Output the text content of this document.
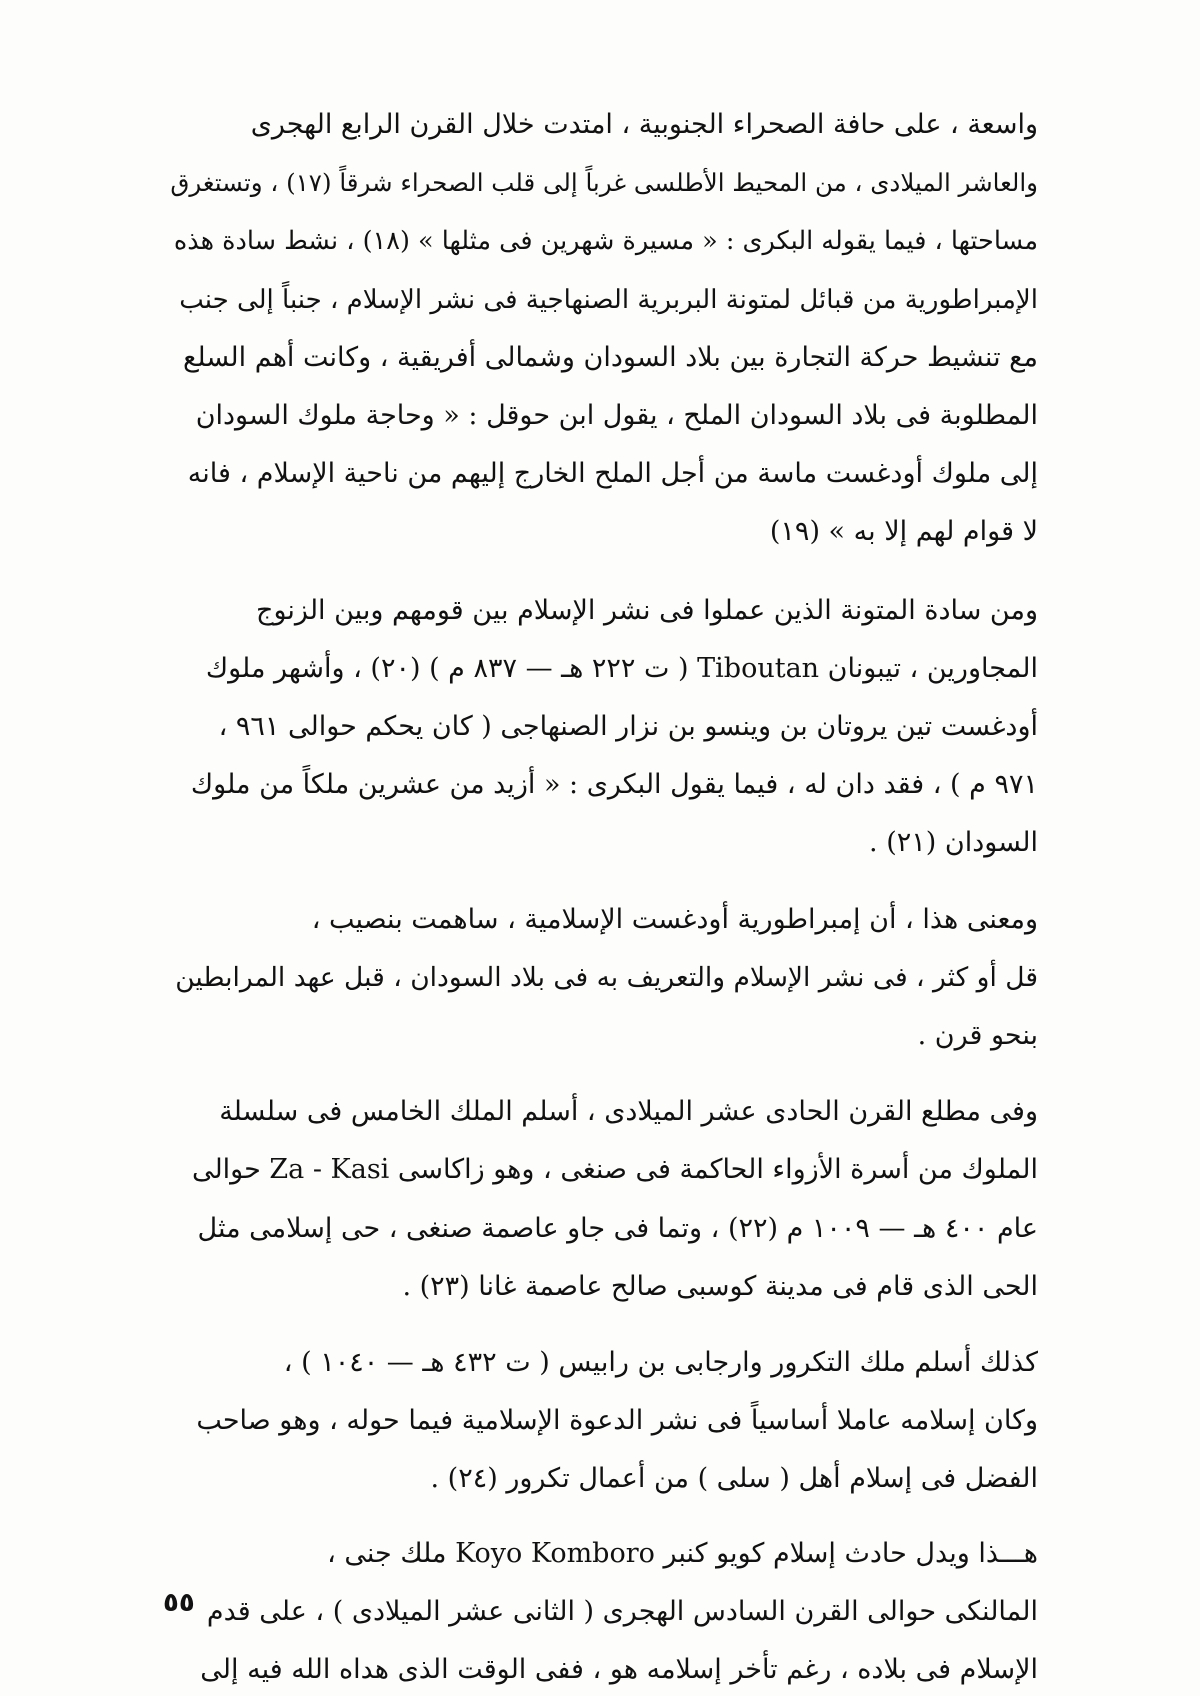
واسعة ، على حافة الصحراء الجنوبية ، امتدت خلال القرن الرابع الهجرى
والعاشر الميلادى ، من المحيط الأطلسى غرباً إلى قلب الصحراء شرقاً (١٧) ، وتستغرق
مساحتها ، فيما يقوله البكرى : « مسيرة شهرين فى مثلها » (١٨) ، نشط سادة هذه
الإمبراطورية من قبائل لمتونة البربرية الصنهاجية فى نشر الإسلام ، جنباً إلى جنب
مع تنشيط حركة التجارة بين بلاد السودان وشمالى أفريقية ، وكانت أهم السلع
المطلوبة فى بلاد السودان الملح ، يقول ابن حوقل : « وحاجة ملوك السودان
إلى ملوك أودغست ماسة من أجل الملح الخارج إليهم من ناحية الإسلام ، فانه
لا قوام لهم إلا به » (١٩)

ومن سادة المتونة الذين عملوا فى نشر الإسلام بين قومهم وبين الزنوج
المجاورين ، تيبونان Tiboutan ( ت ٢٢٢ هـ — ٨٣٧ م ) (٢٠) ، وأشهر ملوك
أودغست تين يروتان بن وينسو بن نزار الصنهاجى ( كان يحكم حوالى ٩٦١ ،
٩٧١ م ) ، فقد دان له ، فيما يقول البكرى : « أزيد من عشرين ملكاً من ملوك
السودان (٢١) .

ومعنى هذا ، أن إمبراطورية أودغست الإسلامية ، ساهمت بنصيب ،
قل أو كثر ، فى نشر الإسلام والتعريف به فى بلاد السودان ، قبل عهد المرابطين
بنحو قرن .

وفى مطلع القرن الحادى عشر الميلادى ، أسلم الملك الخامس فى سلسلة
الملوك من أسرة الأزواء الحاكمة فى صنغى ، وهو زاكاسى Za - Kasi حوالى
عام ٤٠٠ هـ — ١٠٠٩ م (٢٢) ، وتما فى جاو عاصمة صنغى ، حى إسلامى مثل
الحى الذى قام فى مدينة كوسبى صالح عاصمة غانا (٢٣) .

كذلك أسلم ملك التكرور وارجابى بن رابيس ( ت ٤٣٢ هـ — ١٠٤٠ ) ،
وكان إسلامه عاملا أساسياً فى نشر الدعوة الإسلامية فيما حوله ، وهو صاحب
الفضل فى إسلام أهل ( سلى ) من أعمال تكرور (٢٤) .

هـــذا ويدل حادث إسلام كويو كنبر Koyo Komboro ملك جنى ،
المالنكى حوالى القرن السادس الهجرى ( الثانى عشر الميلادى ) ، على قدم
الإسلام فى بلاده ، رغم تأخر إسلامه هو ، ففى الوقت الذى هداه الله فيه إلى

٥٥
